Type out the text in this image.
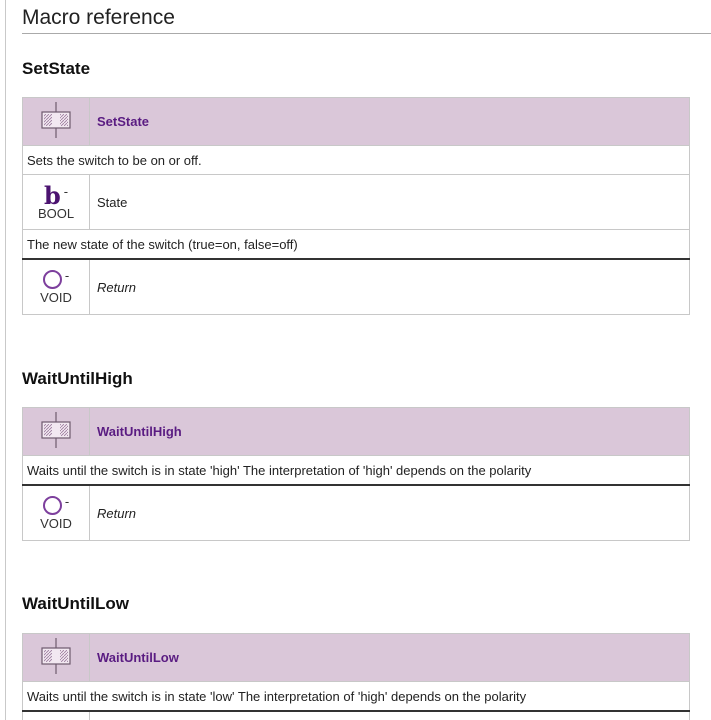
Macro reference
SetState
	SetState
Sets the switch to be on or off.	

b -
BOOL	State
The new state of the switch (true=on, false=off)	

-
VOID	Return
WaitUntilHigh
	WaitUntilHigh
Waits until the switch is in state 'high' The interpretation of 'high' depends on the polarity	

-
VOID	Return
WaitUntilLow
	WaitUntilLow
Waits until the switch is in state 'low' The interpretation of 'high' depends on the polarity	
